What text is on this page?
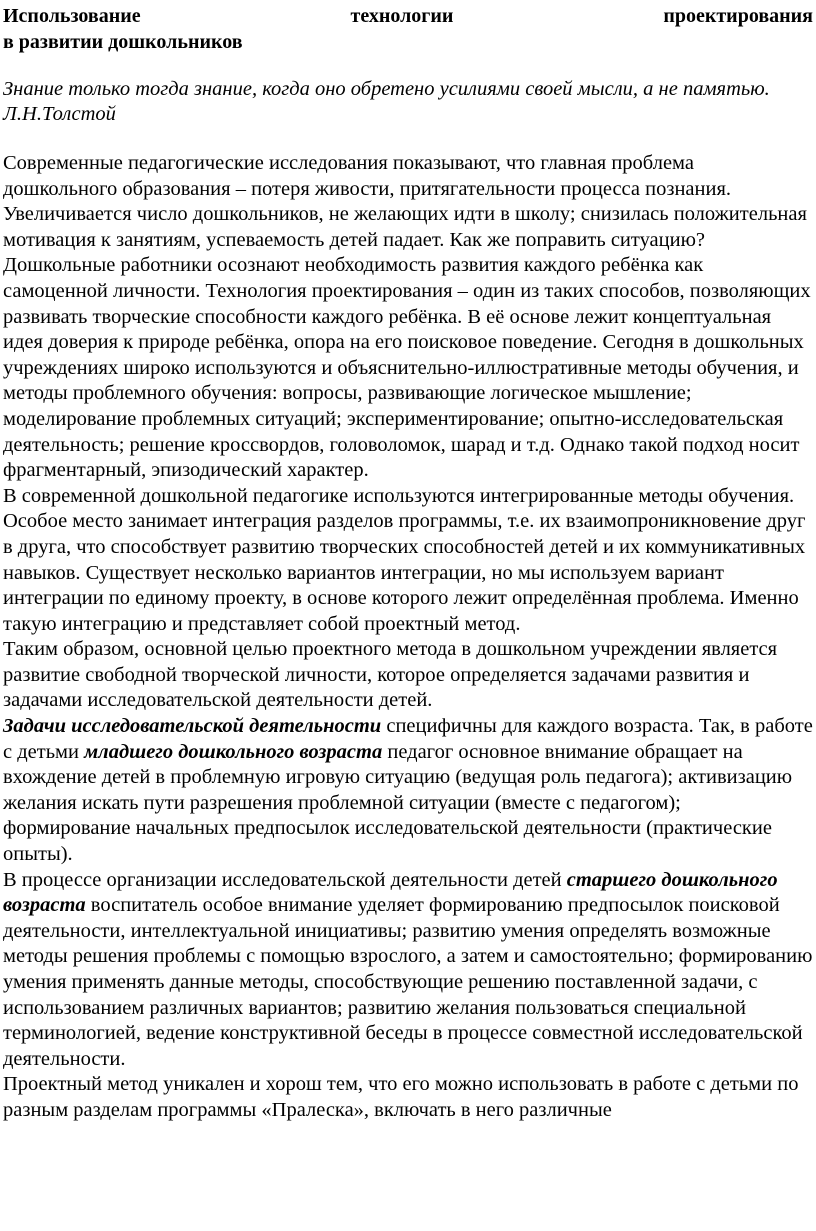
Использование	технологии	проектирования
в развитии дошкольников

Знание только тогда знание, когда оно обретено усилиями своей мысли, а не памятью.

Л.Н.Толстой

Современные педагогические исследования показывают, что главная проблема дошкольного образования – потеря живости, притягательности процесса познания. Увеличивается число дошкольников, не желающих идти в школу; снизилась положительная мотивация к занятиям, успеваемость детей падает. Как же поправить ситуацию?

Дошкольные работники осознают необходимость развития каждого ребёнка как самоценной личности. Технология проектирования – один из таких способов, позволяющих развивать творческие способности каждого ребёнка. В её основе лежит концептуальная идея доверия к природе ребёнка, опора на его поисковое поведение. Сегодня в дошкольных учреждениях широко используются и объяснительно-иллюстративные методы обучения, и методы проблемного обучения: вопросы, развивающие логическое мышление; моделирование проблемных ситуаций; экспериментирование; опытно-исследовательская деятельность; решение кроссвордов, головоломок, шарад и т.д. Однако такой подход носит фрагментарный, эпизодический характер.

В современной дошкольной педагогике используются интегрированные методы обучения. Особое место занимает интеграция разделов программы, т.е. их взаимопроникновение друг в друга, что способствует развитию творческих способностей детей и их коммуникативных навыков. Существует несколько вариантов интеграции, но мы используем вариант интеграции по единому проекту, в основе которого лежит определённая проблема. Именно такую интеграцию и представляет собой проектный метод.

Таким образом, основной целью проектного метода в дошкольном учреждении является развитие свободной творческой личности, которое определяется задачами развития и задачами исследовательской деятельности детей.

Задачи исследовательской деятельности специфичны для каждого возраста. Так, в работе с детьми младшего дошкольного возраста педагог основное внимание обращает на вхождение детей в проблемную игровую ситуацию (ведущая роль педагога); активизацию желания искать пути разрешения проблемной ситуации (вместе с педагогом); формирование начальных предпосылок исследовательской деятельности (практические опыты).

В процессе организации исследовательской деятельности детей старшего дошкольного возраста воспитатель особое внимание уделяет формированию предпосылок поисковой деятельности, интеллектуальной инициативы; развитию умения определять возможные методы решения проблемы с помощью взрослого, а затем и самостоятельно; формированию умения применять данные методы, способствующие решению поставленной задачи, с использованием различных вариантов; развитию желания пользоваться специальной терминологией, ведение конструктивной беседы в процессе совместной исследовательской деятельности.

Проектный метод уникален и хорош тем, что его можно использовать в работе с детьми по разным разделам программы «Пралеска», включать в него различные
